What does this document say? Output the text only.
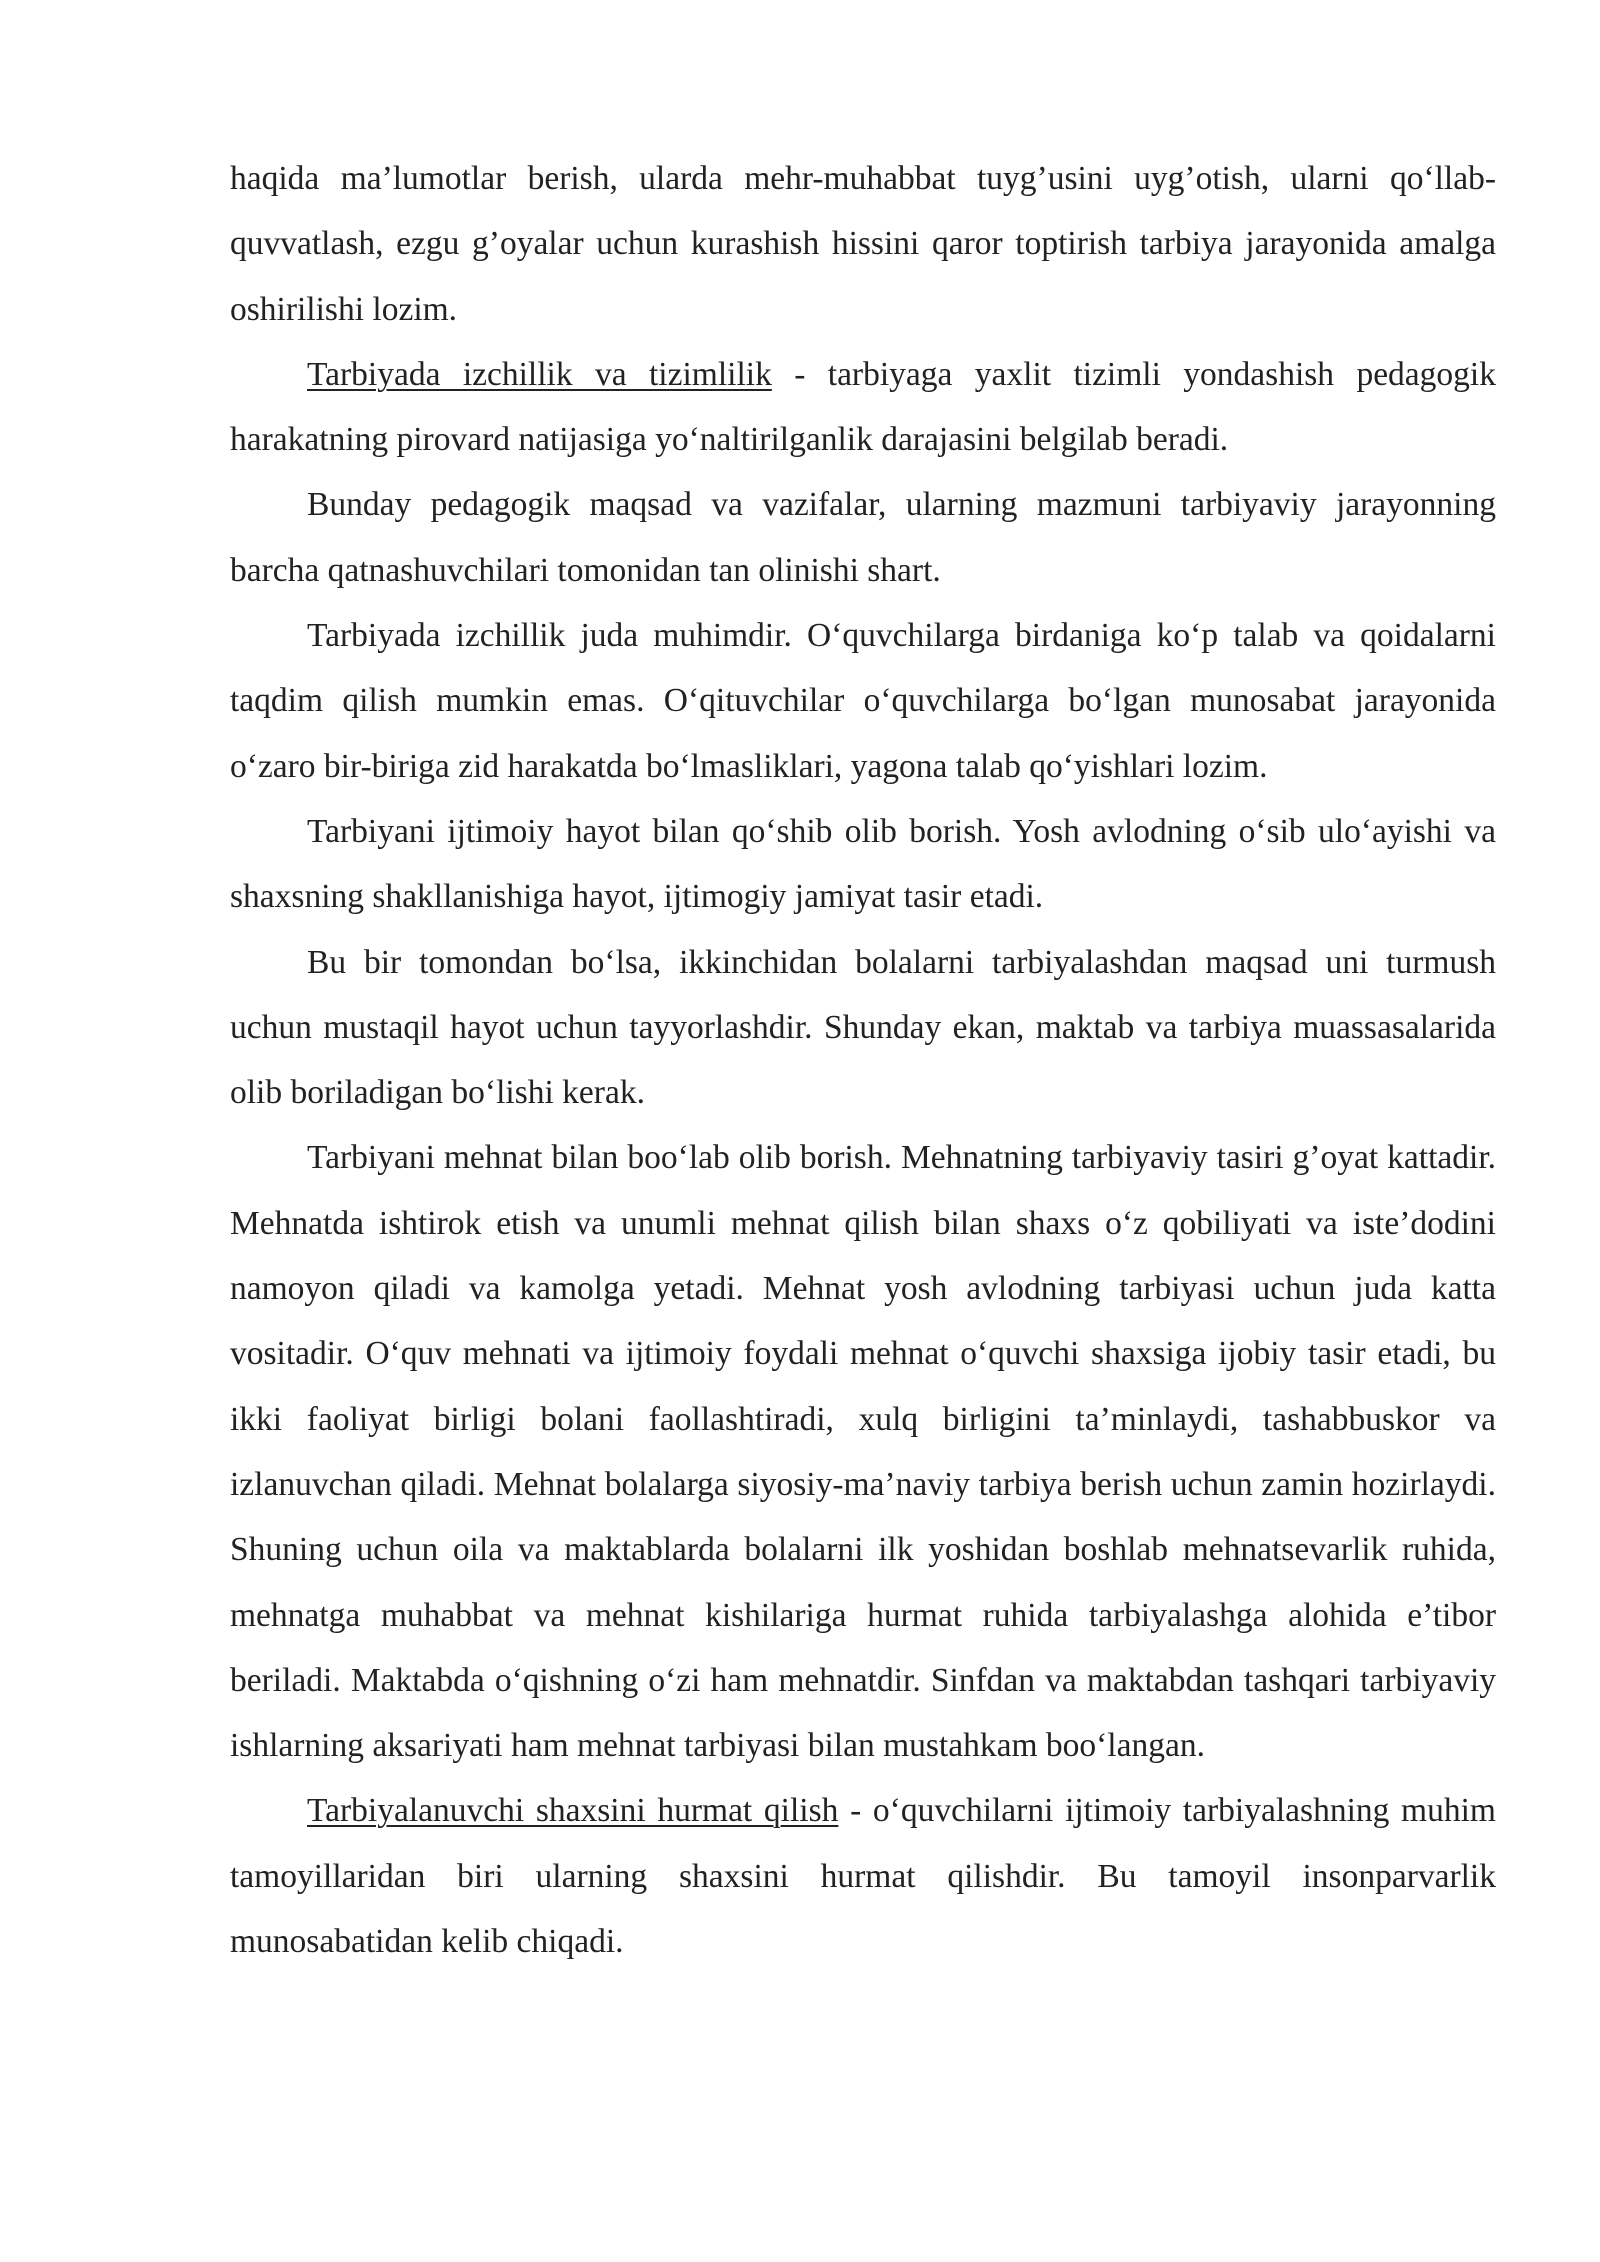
haqida ma’lumotlar berish, ularda mehr-muhabbat tuyg’usini uyg’otish, ularni qo‘llab-quvvatlash, ezgu g’oyalar uchun kurashish hissini qaror toptirish tarbiya jarayonida amalga oshirilishi lozim.

Tarbiyada izchillik va tizimlilik - tarbiyaga yaxlit tizimli yondashish pedagogik harakatning pirovard natijasiga yo‘naltirilganlik darajasini belgilab beradi.

Bunday pedagogik maqsad va vazifalar, ularning mazmuni tarbiyaviy jarayonning barcha qatnashuvchilari tomonidan tan olinishi shart.

Tarbiyada izchillik juda muhimdir. O‘quvchilarga birdaniga ko‘p talab va qoidalarni taqdim qilish mumkin emas. O‘qituvchilar o‘quvchilarga bo‘lgan munosabat jarayonida o‘zaro bir-biriga zid harakatda bo‘lmasliklari, yagona talab qo‘yishlari lozim.

Tarbiyani ijtimoiy hayot bilan qo‘shib olib borish. Yosh avlodning o‘sib ulo‘ayishi va shaxsning shakllanishiga hayot, ijtimogiy jamiyat tasir etadi.

Bu bir tomondan bo‘lsa, ikkinchidan bolalarni tarbiyalashdan maqsad uni turmush uchun mustaqil hayot uchun tayyorlashdir. Shunday ekan, maktab va tarbiya muassasalarida olib boriladigan bo‘lishi kerak.

Tarbiyani mehnat bilan boo‘lab olib borish. Mehnatning tarbiyaviy tasiri g’oyat kattadir. Mehnatda ishtirok etish va unumli mehnat qilish bilan shaxs o‘z qobiliyati va iste’dodini namoyon qiladi va kamolga yetadi. Mehnat yosh avlodning tarbiyasi uchun juda katta vositadir. O‘quv mehnati va ijtimoiy foydali mehnat o‘quvchi shaxsiga ijobiy tasir etadi, bu ikki faoliyat birligi bolani faollashtiradi, xulq birligini ta’minlaydi, tashabbuskor va izlanuvchan qiladi. Mehnat bolalarga siyosiy-ma’naviy tarbiya berish uchun zamin hozirlaydi. Shuning uchun oila va maktablarda bolalarni ilk yoshidan boshlab mehnatsevarlik ruhida, mehnatga muhabbat va mehnat kishilariga hurmat ruhida tarbiyalashga alohida e’tibor beriladi. Maktabda o‘qishning o‘zi ham mehnatdir. Sinfdan va maktabdan tashqari tarbiyaviy ishlarning aksariyati ham mehnat tarbiyasi bilan mustahkam boo‘langan.

Tarbiyalanuvchi shaxsini hurmat qilish - o‘quvchilarni ijtimoiy tarbiyalashning muhim tamoyillaridan biri ularning shaxsini hurmat qilishdir. Bu tamoyil insonparvarlik munosabatidan kelib chiqadi.
